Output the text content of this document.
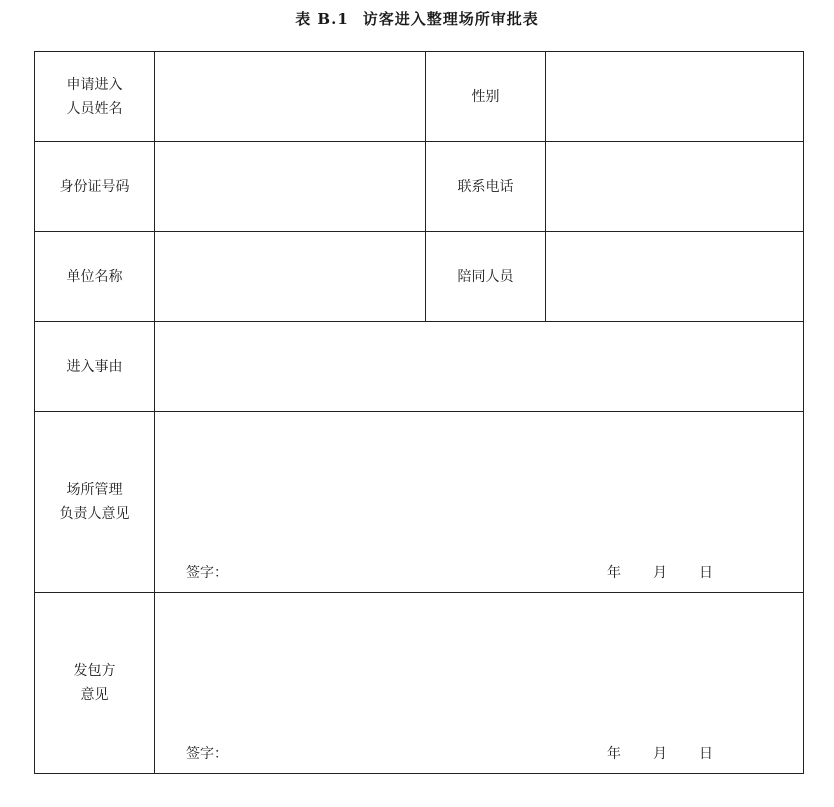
表 B.1 访客进入整理场所审批表
申请进入
人员姓名		性别	
身份证号码		联系电话	
单位名称		陪同人员	
进入事由			

场所管理
负责人意见	签字： 年 月 日		

发包方
意见	签字： 年 月 日		
